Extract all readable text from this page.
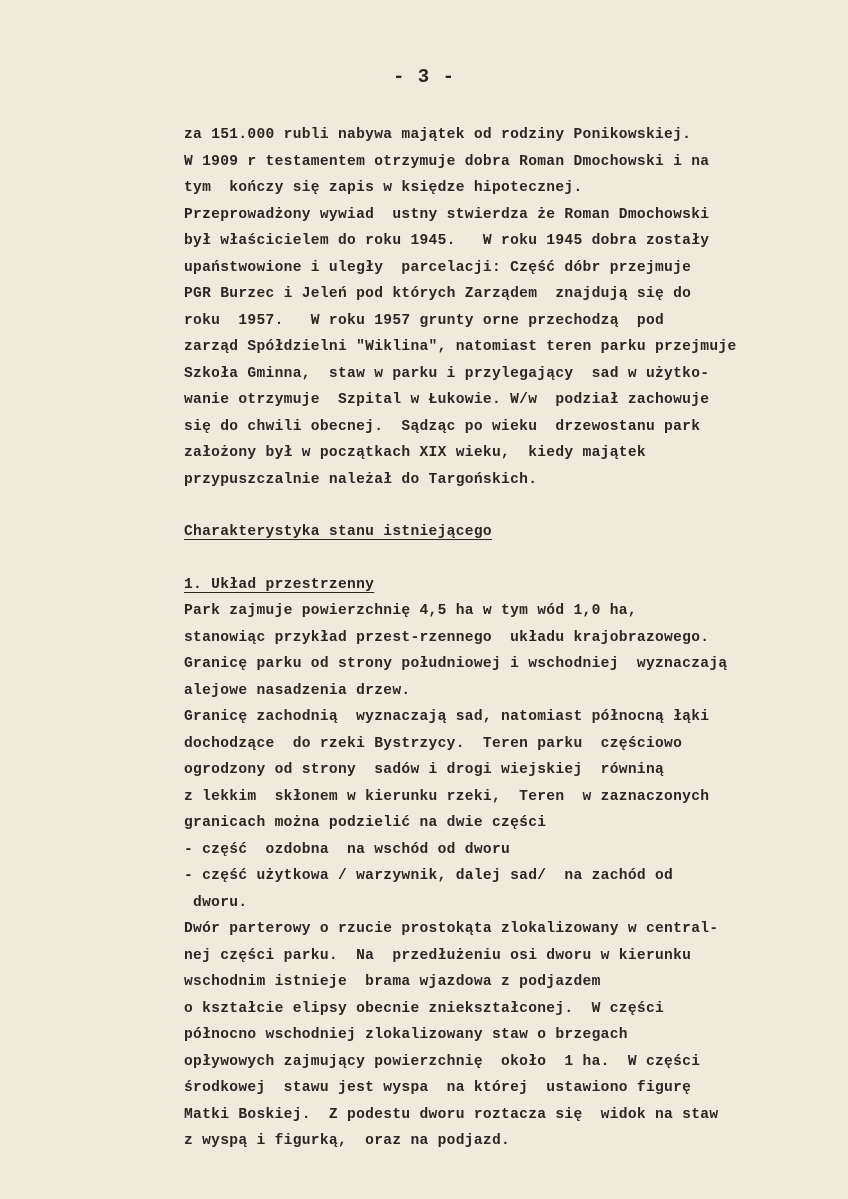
- 3 -
za 151.000 rubli nabywa majątek od rodziny Ponikowskiej.
W 1909 r testamentem otrzymuje dobra Roman Dmochowski i na
tym  kończy się zapis w księdze hipotecznej.
Przeprowadżony wywiad  ustny stwierdza że Roman Dmochowski
był właścicielem do roku 1945.   W roku 1945 dobra zostały
upaństwowione i uległy  parcelacji: Część dóbr przejmuje
PGR Burzec i Jeleń pod których Zarządem  znajdują się do
roku  1957.   W roku 1957 grunty orne przechodzą  pod
zarząd Spółdzielni "Wiklina", natomiast teren parku przejmuje
Szkoła Gminna,  staw w parku i przylegający  sad w użytko-
wanie otrzymuje  Szpital w Łukowie. W/w  podział zachowuje
się do chwili obecnej.  Sądząc po wieku  drzewostanu park
założony był w początkach XIX wieku,  kiedy majątek
przypuszczalnie należał do Targońskich.
Charakterystyka stanu istniejącego
1. Układ przestrzenny
Park zajmuje powierzchnię 4,5 ha w tym wód 1,0 ha,
stanowiąc przykład przest-rzennego  układu krajobrazowego.
Granicę parku od strony południowej i wschodniej  wyznaczają
alejowe nasadzenia drzew.
Granicę zachodnią  wyznaczają sad, natomiast północną łąki
dochodzące  do rzeki Bystrzycy.  Teren parku  częściowo
ogrodzony od strony  sadów i drogi wiejskiej  równiną
z lekkim  skłonem w kierunku rzeki,  Teren  w zaznaczonych
granicach można podzielić na dwie części
- część  ozdobna  na wschód od dworu
- część użytkowa / warzywnik, dalej sad/  na zachód od
dworu.
Dwór parterowy o rzucie prostokąta zlokalizowany w central-
nej części parku.  Na  przedłużeniu osi dworu w kierunku
wschodnim istnieje  brama wjazdowa z podjazdem
o kształcie elipsy obecnie zniekształconej.  W części
północno wschodniej zlokalizowany staw o brzegach
opływowych zajmujący powierzchnię  około  1 ha.  W części
środkowej  stawu jest wyspa  na której  ustawiono figurę
Matki Boskiej.  Z podestu dworu roztacza się  widok na staw
z wyspą i figurką,  oraz na podjazd.
